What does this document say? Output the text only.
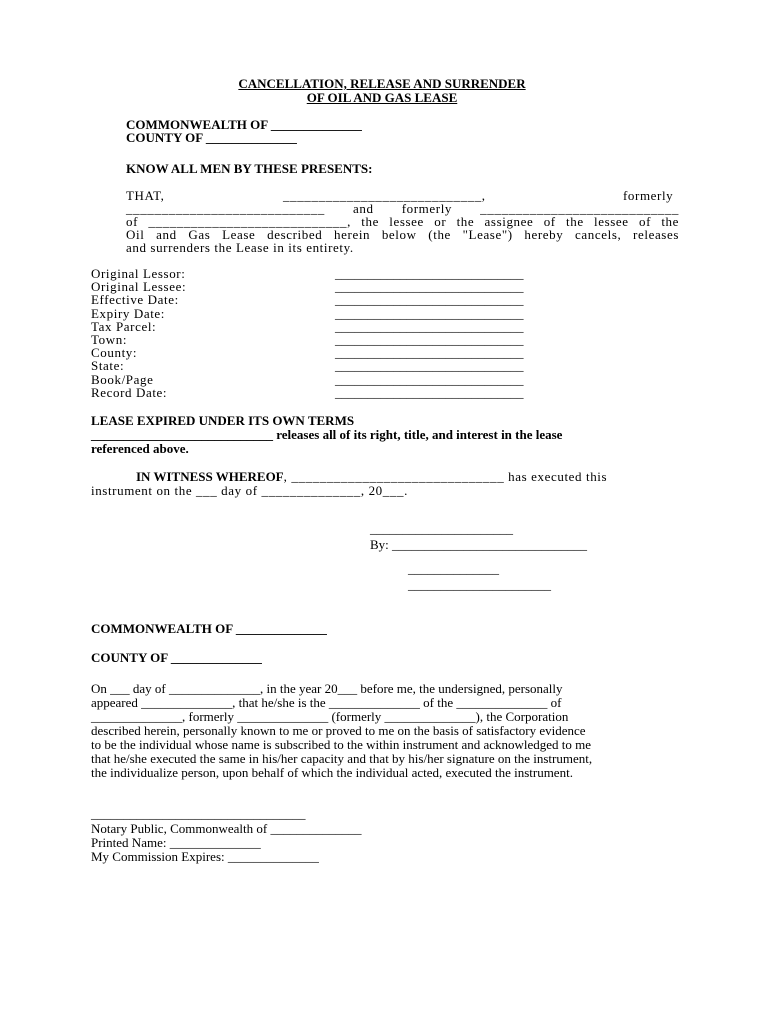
CANCELLATION, RELEASE AND SURRENDER
OF OIL AND GAS LEASE
COMMONWEALTH OF ______________
COUNTY OF ______________
KNOW ALL MEN BY THESE PRESENTS:
THAT,	____________________________,	formerly
____________________________ and formerly ____________________________
of ____________________________, the lessee or the assignee of the lessee of the
Oil and Gas Lease described herein below (the "Lease") hereby cancels, releases
and surrenders the Lease in its entirety.
Original Lessor:
Original Lessee:
Effective Date:
Expiry Date:
Tax Parcel:
Town:
County:
State:
Book/Page
Record Date:
_____________________________
_____________________________
_____________________________
_____________________________
_____________________________
_____________________________
_____________________________
_____________________________
_____________________________
_____________________________
LEASE EXPIRED UNDER ITS OWN TERMS
____________________________ releases all of its right, title, and interest in the lease
referenced above.
IN WITNESS WHEREOF, ______________________________ has executed this
instrument on the ___ day of ______________, 20___.
______________________
By: ______________________________
______________
______________________
COMMONWEALTH OF ______________
COUNTY OF ______________
On ___ day of ______________, in the year 20___ before me, the undersigned, personally
appeared ______________, that he/she is the ______________ of the ______________ of
______________, formerly ______________ (formerly ______________), the Corporation
described herein, personally known to me or proved to me on the basis of satisfactory evidence
to be the individual whose name is subscribed to the within instrument and acknowledged to me
that he/she executed the same in his/her capacity and that by his/her signature on the instrument,
the individualize person, upon behalf of which the individual acted, executed the instrument.
_________________________________
Notary Public, Commonwealth of ______________
Printed Name: ______________
My Commission Expires: ______________
